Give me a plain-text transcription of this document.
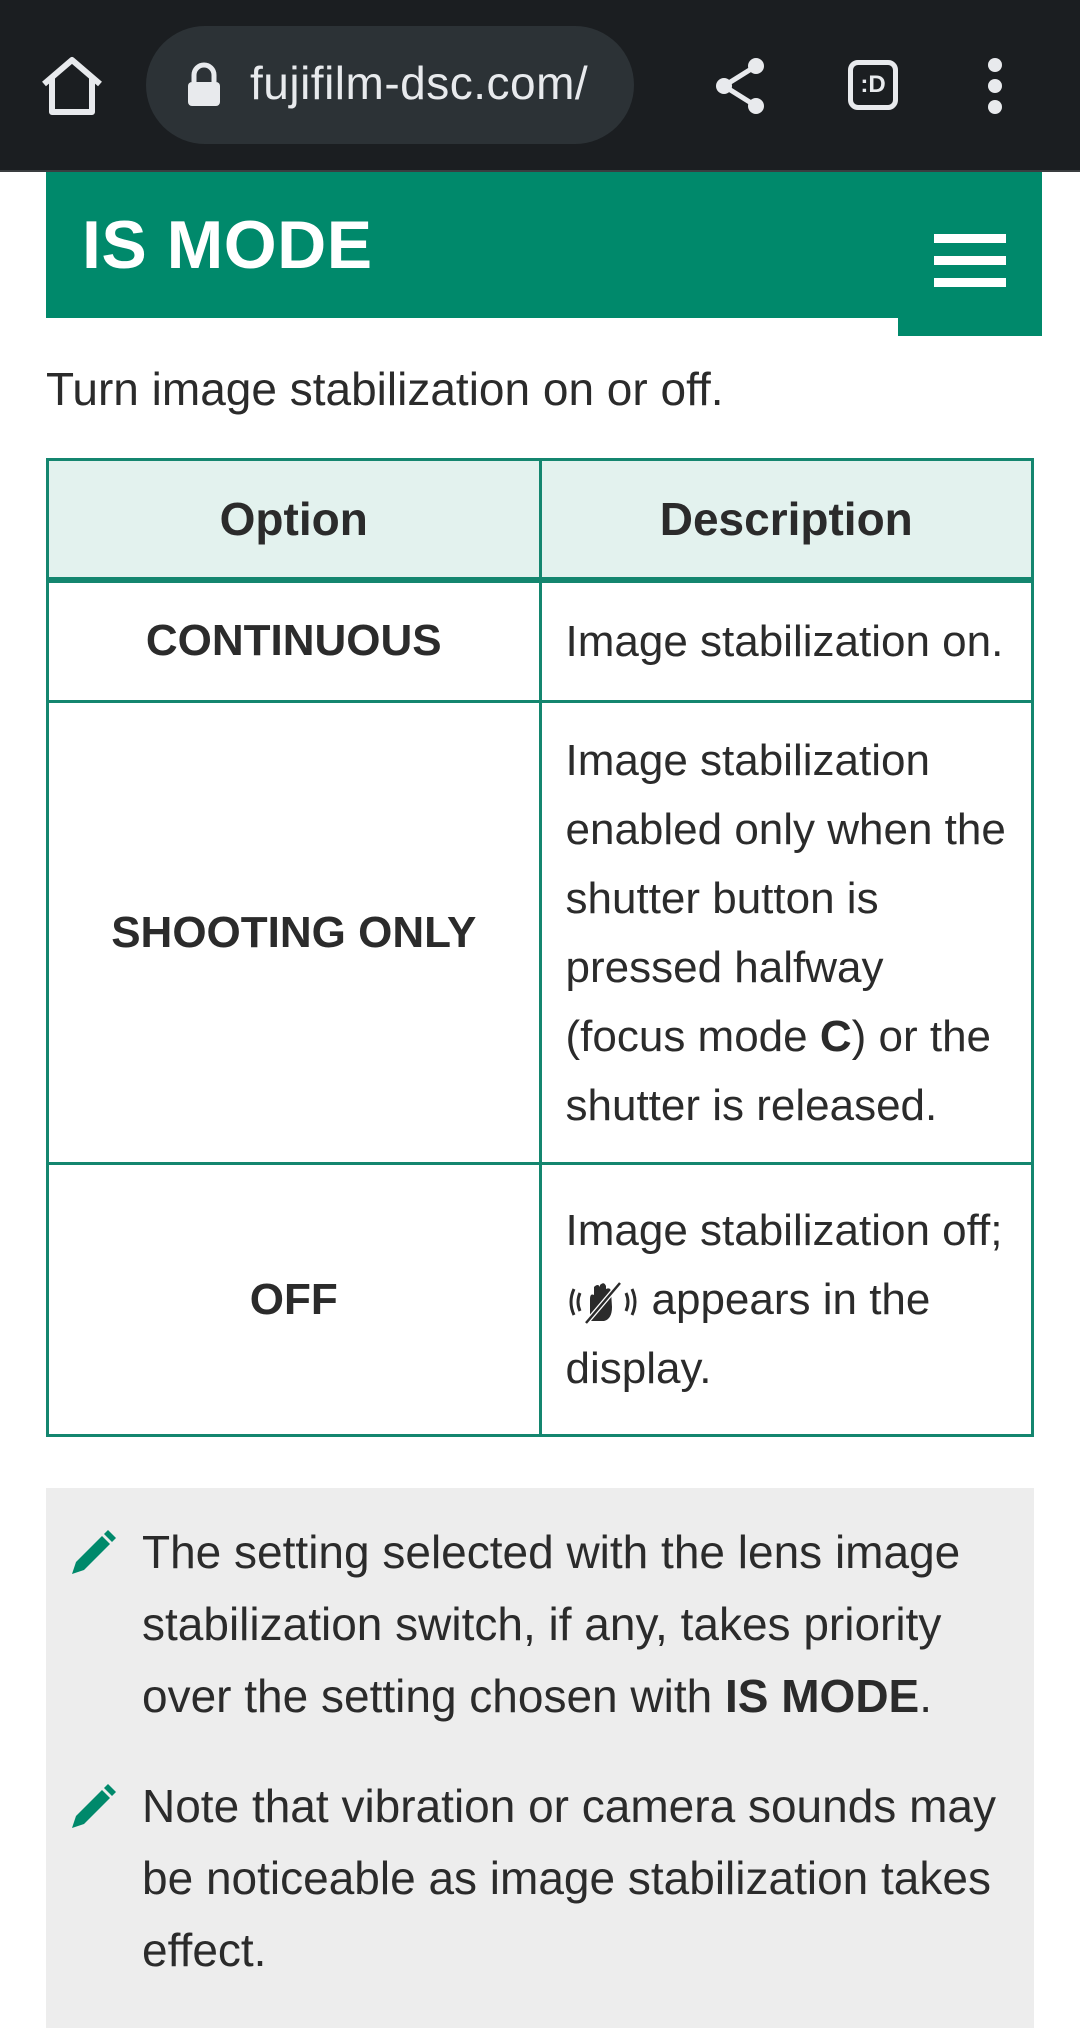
fujifilm-dsc.com/	:D
IS MODE

Turn image stabilization on or off.

Option	Description
CONTINUOUS	Image stabilization on.
SHOOTING ONLY	Image stabilization enabled only when the shutter button is pressed halfway (focus mode C) or the shutter is released.
OFF	Image stabilization off;
appears in the display.

The setting selected with the lens image stabilization switch, if any, takes priority over the setting chosen with IS MODE.

Note that vibration or camera sounds may be noticeable as image stabilization takes effect.
